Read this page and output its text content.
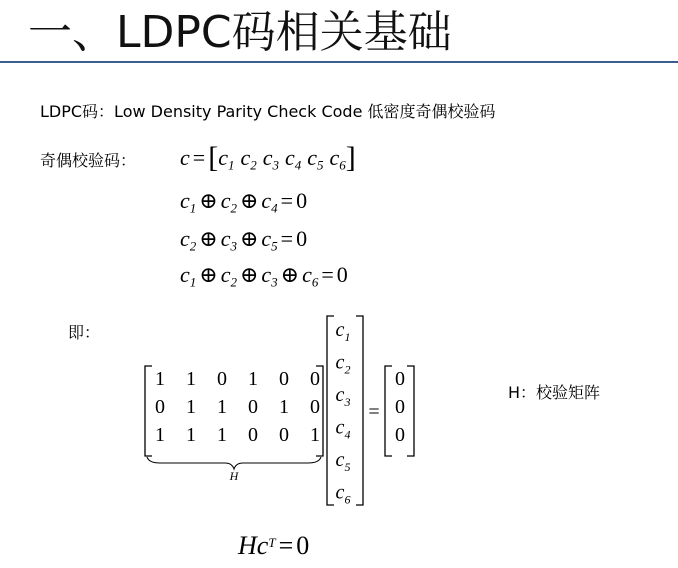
一、LDPC码相关基础
LDPC码：Low Density Parity Check Code 低密度奇偶校验码
奇偶校验码： $c = [c_1$ $c_2$ $c_3$ $c_4$ $c_5$ $c_6$]
$c_1$ ⊕ $c_2$ ⊕ $c_4 = 0$
$c_2$ ⊕ $c_3$ ⊕ $c_5 = 0$
$c_1$ ⊕ $c_2$ ⊕ $c_3$ ⊕ $c_6 = 0$
即：
1 1 0 1 0 0
0 1 1 0 1 0
1 1 1 0 0 1
H
$c_1$
$c_2$
$c_3$
$c_4$
$c_5$
$c_6$
=
0
0
0
H：校验矩阵
$Hc^T = 0$
